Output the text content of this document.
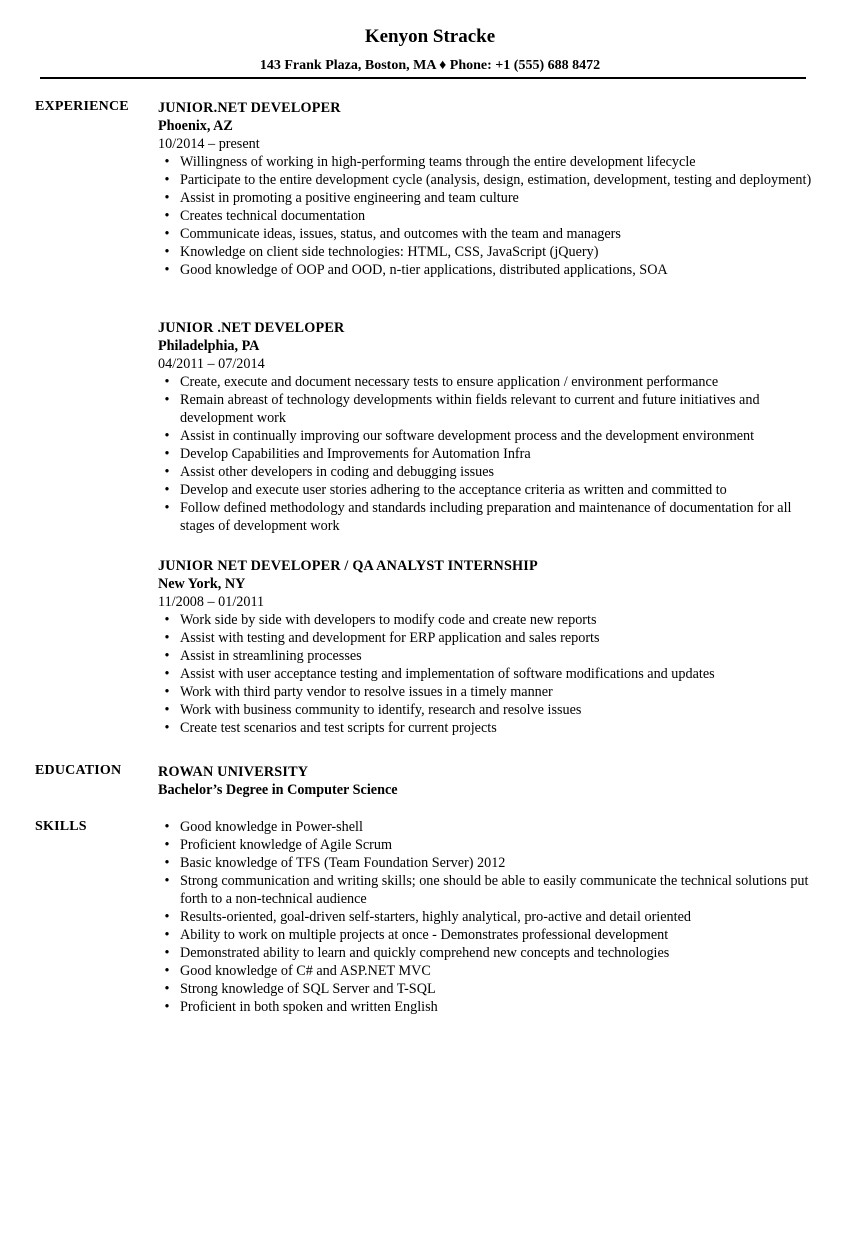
Kenyon Stracke
143 Frank Plaza, Boston, MA ♦ Phone: +1 (555) 688 8472
EXPERIENCE JUNIOR.NET DEVELOPER
Phoenix, AZ
10/2014 – present
• Willingness of working in high-performing teams through the entire development lifecycle
• Participate to the entire development cycle (analysis, design, estimation, development, testing and deployment)
• Assist in promoting a positive engineering and team culture
• Creates technical documentation
• Communicate ideas, issues, status, and outcomes with the team and managers
• Knowledge on client side technologies: HTML, CSS, JavaScript (jQuery)
• Good knowledge of OOP and OOD, n-tier applications, distributed applications, SOA
JUNIOR .NET DEVELOPER
Philadelphia, PA
04/2011 – 07/2014
• Create, execute and document necessary tests to ensure application / environment performance
• Remain abreast of technology developments within fields relevant to current and future initiatives and development work
• Assist in continually improving our software development process and the development environment
• Develop Capabilities and Improvements for Automation Infra
• Assist other developers in coding and debugging issues
• Develop and execute user stories adhering to the acceptance criteria as written and committed to
• Follow defined methodology and standards including preparation and maintenance of documentation for all stages of development work
JUNIOR NET DEVELOPER / QA ANALYST INTERNSHIP
New York, NY
11/2008 – 01/2011
• Work side by side with developers to modify code and create new reports
• Assist with testing and development for ERP application and sales reports
• Assist in streamlining processes
• Assist with user acceptance testing and implementation of software modifications and updates
• Work with third party vendor to resolve issues in a timely manner
• Work with business community to identify, research and resolve issues
• Create test scenarios and test scripts for current projects
EDUCATION	ROWAN UNIVERSITY
Bachelor’s Degree in Computer Science
SKILLS	• Good knowledge in Power-shell
• Proficient knowledge of Agile Scrum
• Basic knowledge of TFS (Team Foundation Server) 2012
• Strong communication and writing skills; one should be able to easily communicate the technical solutions put forth to a non-technical audience
• Results-oriented, goal-driven self-starters, highly analytical, pro-active and detail oriented
• Ability to work on multiple projects at once - Demonstrates professional development
• Demonstrated ability to learn and quickly comprehend new concepts and technologies
• Good knowledge of C# and ASP.NET MVC
• Strong knowledge of SQL Server and T-SQL
• Proficient in both spoken and written English
